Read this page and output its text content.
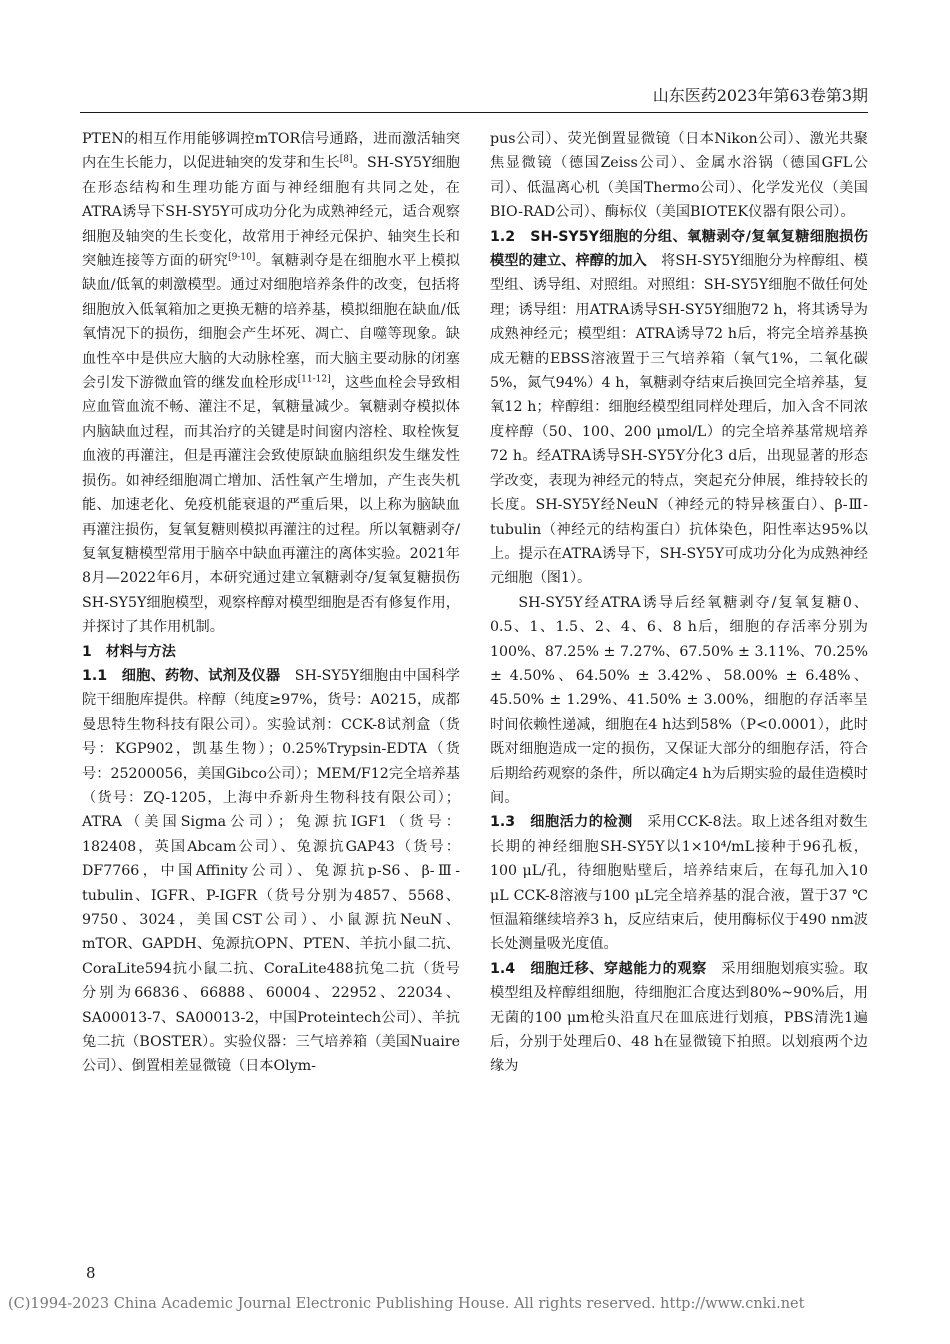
山东医药2023年第63卷第3期

PTEN的相互作用能够调控mTOR信号通路，进而激活轴突内在生长能力，以促进轴突的发芽和生长[8]。SH-SY5Y细胞在形态结构和生理功能方面与神经细胞有共同之处，在ATRA诱导下SH-SY5Y可成功分化为成熟神经元，适合观察细胞及轴突的生长变化，故常用于神经元保护、轴突生长和突触连接等方面的研究[9-10]。氧糖剥夺是在细胞水平上模拟缺血/低氧的刺激模型。通过对细胞培养条件的改变，包括将细胞放入低氧箱加之更换无糖的培养基，模拟细胞在缺血/低氧情况下的损伤，细胞会产生坏死、凋亡、自噬等现象。缺血性卒中是供应大脑的大动脉栓塞，而大脑主要动脉的闭塞会引发下游微血管的继发血栓形成[11-12]，这些血栓会导致相应血管血流不畅、灌注不足，氧糖量减少。氧糖剥夺模拟体内脑缺血过程，而其治疗的关键是时间窗内溶栓、取栓恢复血液的再灌注，但是再灌注会致使原缺血脑组织发生继发性损伤。如神经细胞凋亡增加、活性氧产生增加，产生丧失机能、加速老化、免疫机能衰退的严重后果，以上称为脑缺血再灌注损伤，复氧复糖则模拟再灌注的过程。所以氧糖剥夺/复氧复糖模型常用于脑卒中缺血再灌注的离体实验。2021年8月—2022年6月，本研究通过建立氧糖剥夺/复氧复糖损伤SH-SY5Y细胞模型，观察梓醇对模型细胞是否有修复作用，并探讨了其作用机制。

1　材料与方法

1.1　细胞、药物、试剂及仪器　 SH-SY5Y细胞由中国科学院干细胞库提供。梓醇（纯度≥97%，货号：A0215，成都曼思特生物科技有限公司）。实验试剂：CCK-8试剂盒（货号：KGP902，凯基生物）；0.25%Trypsin-EDTA（货号：25200056，美国Gibco公司）；MEM/F12完全培养基（货号：ZQ-1205，上海中乔新舟生物科技有限公司）；ATRA（美国Sigma公司）；兔源抗IGF1（货号：182408，英国Abcam公司）、兔源抗GAP43（货号：DF7766，中国Affinity公司）、兔源抗p-S6、β-Ⅲ-tubulin、IGFR、P-IGFR（货号分别为4857、5568、9750、3024，美国CST公司）、小鼠源抗NeuN、mTOR、GAPDH、兔源抗OPN、PTEN、羊抗小鼠二抗、CoraLite594抗小鼠二抗、CoraLite488抗兔二抗（货号分别为66836、66888、60004、22952、22034、SA00013-7、SA00013-2，中国Proteintech公司）、羊抗兔二抗（BOSTER）。实验仪器：三气培养箱（美国Nuaire公司）、倒置相差显微镜（日本Olym-

pus公司）、荧光倒置显微镜（日本Nikon公司）、激光共聚焦显微镜（德国Zeiss公司）、金属水浴锅（德国GFL公司）、低温离心机（美国Thermo公司）、化学发光仪（美国BIO-RAD公司）、酶标仪（美国BIOTEK仪器有限公司）。

1.2　SH-SY5Y细胞的分组、氧糖剥夺/复氧复糖细胞损伤模型的建立、梓醇的加入　 将SH-SY5Y细胞分为梓醇组、模型组、诱导组、对照组。对照组：SH-SY5Y细胞不做任何处理；诱导组：用ATRA诱导SH-SY5Y细胞72 h，将其诱导为成熟神经元；模型组：ATRA诱导72 h后，将完全培养基换成无糖的EBSS溶液置于三气培养箱（氧气1%，二氧化碳5%，氮气94%）4 h，氧糖剥夺结束后换回完全培养基，复氧12 h；梓醇组：细胞经模型组同样处理后，加入含不同浓度梓醇（50、100、200 μmol/L）的完全培养基常规培养72 h。经ATRA诱导SH-SY5Y分化3 d后，出现显著的形态学改变，表现为神经元的特点，突起充分伸展，维持较长的长度。SH-SY5Y经NeuN（神经元的特异核蛋白）、β-Ⅲ-tubulin（神经元的结构蛋白）抗体染色，阳性率达95%以上。提示在ATRA诱导下，SH-SY5Y可成功分化为成熟神经元细胞（图1）。

SH-SY5Y经ATRA诱导后经氧糖剥夺/复氧复糖0、0.5、1、1.5、2、4、6、8 h后，细胞的存活率分别为100%、87.25% ± 7.27%、67.50% ± 3.11%、70.25% ± 4.50%、64.50% ± 3.42%、58.00% ± 6.48%、45.50% ± 1.29%、41.50% ± 3.00%，细胞的存活率呈时间依赖性递减，细胞在4 h达到58%（P<0.0001），此时既对细胞造成一定的损伤，又保证大部分的细胞存活，符合后期给药观察的条件，所以确定4 h为后期实验的最佳造模时间。

1.3　细胞活力的检测　 采用CCK-8法。取上述各组对数生长期的神经细胞SH-SY5Y以1×10⁴/mL接种于96孔板，100 μL/孔，待细胞贴壁后，培养结束后，在每孔加入10 μL CCK-8溶液与100 μL完全培养基的混合液，置于37 ℃恒温箱继续培养3 h，反应结束后，使用酶标仪于490 nm波长处测量吸光度值。

1.4　细胞迁移、穿越能力的观察　 采用细胞划痕实验。取模型组及梓醇组细胞，待细胞汇合度达到80%~90%后，用无菌的100 μm枪头沿直尺在皿底进行划痕，PBS清洗1遍后，分别于处理后0、48 h在显微镜下拍照。以划痕两个边缘为

8
(C)1994-2023 China Academic Journal Electronic Publishing House. All rights reserved. http://www.cnki.net
